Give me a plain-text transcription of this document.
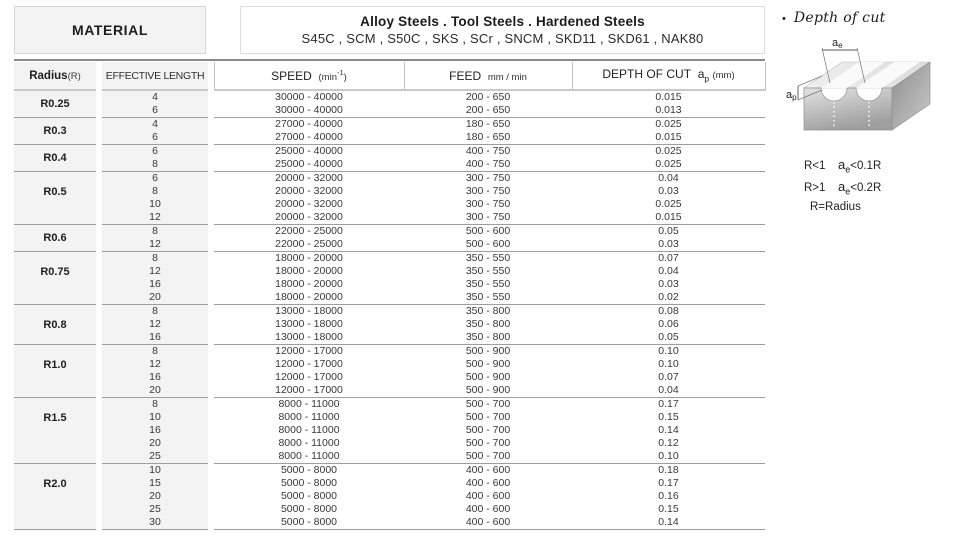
MATERIAL
Alloy Steels . Tool Steels . Hardened Steels
S45C , SCM , S50C , SKS , SCr , SNCM , SKD11 , SKD61 , NAK80
Radius(R)		EFFECTIVE LENGTH		SPEED $(\min^{-1})$	FEED mm / min	DEPTH OF CUT $a_p$ (mm)
R0.25		4		30000 - 40000	200 - 650	0.015
		6		30000 - 40000	200 - 650	0.013
R0.3		4		27000 - 40000	180 - 650	0.025
		6		27000 - 40000	180 - 650	0.015
R0.4		6		25000 - 40000	400 - 750	0.025
		8		25000 - 40000	400 - 750	0.025
R0.5		6		20000 - 32000	300 - 750	0.04
		8		20000 - 32000	300 - 750	0.03
		10		20000 - 32000	300 - 750	0.025
		12		20000 - 32000	300 - 750	0.015
R0.6		8		22000 - 25000	500 - 600	0.05
		12		22000 - 25000	500 - 600	0.03
R0.75		8		18000 - 20000	350 - 550	0.07
		12		18000 - 20000	350 - 550	0.04
		16		18000 - 20000	350 - 550	0.03
		20		18000 - 20000	350 - 550	0.02
R0.8		8		13000 - 18000	350 - 800	0.08
		12		13000 - 18000	350 - 800	0.06
		16		13000 - 18000	350 - 800	0.05
R1.0		8		12000 - 17000	500 - 900	0.10
		12		12000 - 17000	500 - 900	0.10
		16		12000 - 17000	500 - 900	0.07
		20		12000 - 17000	500 - 900	0.04
R1.5		8		8000 - 11000	500 - 700	0.17
		10		8000 - 11000	500 - 700	0.15
		16		8000 - 11000	500 - 700	0.14
		20		8000 - 11000	500 - 700	0.12
		25		8000 - 11000	500 - 700	0.10
R2.0		10		5000 - 8000	400 - 600	0.18
		15		5000 - 8000	400 - 600	0.17
		20		5000 - 8000	400 - 600	0.16
		25		5000 - 8000	400 - 600	0.15
		30		5000 - 8000	400 - 600	0.14
• Depth of cut
ae
ap
R<1 $a_e <0.1R$
R>1 $a_e <0.2R$
R=Radius
